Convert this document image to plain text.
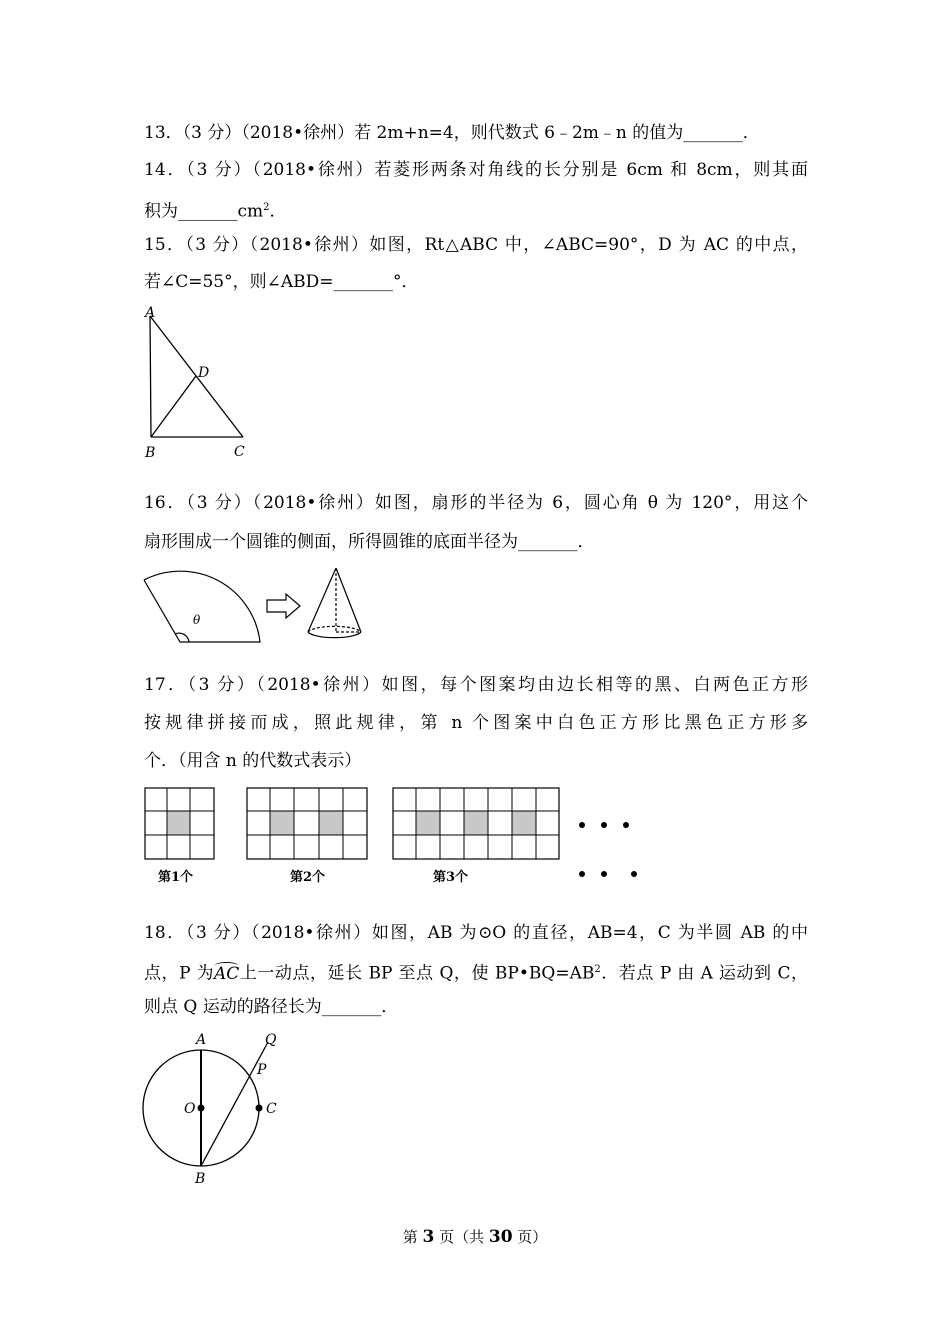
13．（3 分）（2018•徐州）若 2m+n=4，则代数式 6﹣2m﹣n 的值为_______．
14．（3 分）（2018•徐州）若菱形两条对角线的长分别是 6cm 和 8cm，则其面
积为$\_\_\_\_\_\_\_cm^2$．
15．（3 分）（2018•徐州）如图，Rt△ABC 中，∠ABC=90°，D 为 AC 的中点，
若∠C=55°，则∠ABD=_______°．
A
D
B	C
16．（3 分）（2018•徐州）如图，扇形的半径为 6，圆心角 θ 为 120°，用这个
扇形围成一个圆锥的侧面，所得圆锥的底面半径为_______．
θ
17．（3 分）（2018•徐州）如图，每个图案均由边长相等的黑、白两色正方形
按规律拼接而成，照此规律，第 n 个图案中白色正方形比黑色正方形多
个．（用含 n 的代数式表示）
第1个	第2个	第3个
18．（3 分）（2018•徐州）如图，AB 为⊙O 的直径，AB=4，C 为半圆 AB 的中
点，P 为AC上一动点，延长 BP 至点 Q，使 $BP•BQ=AB^2$．若点 P 由 A 运动到 C，
则点 Q 运动的路径长为_______．
A	Q
P
O	C
B
第 3 页（共 30 页）
